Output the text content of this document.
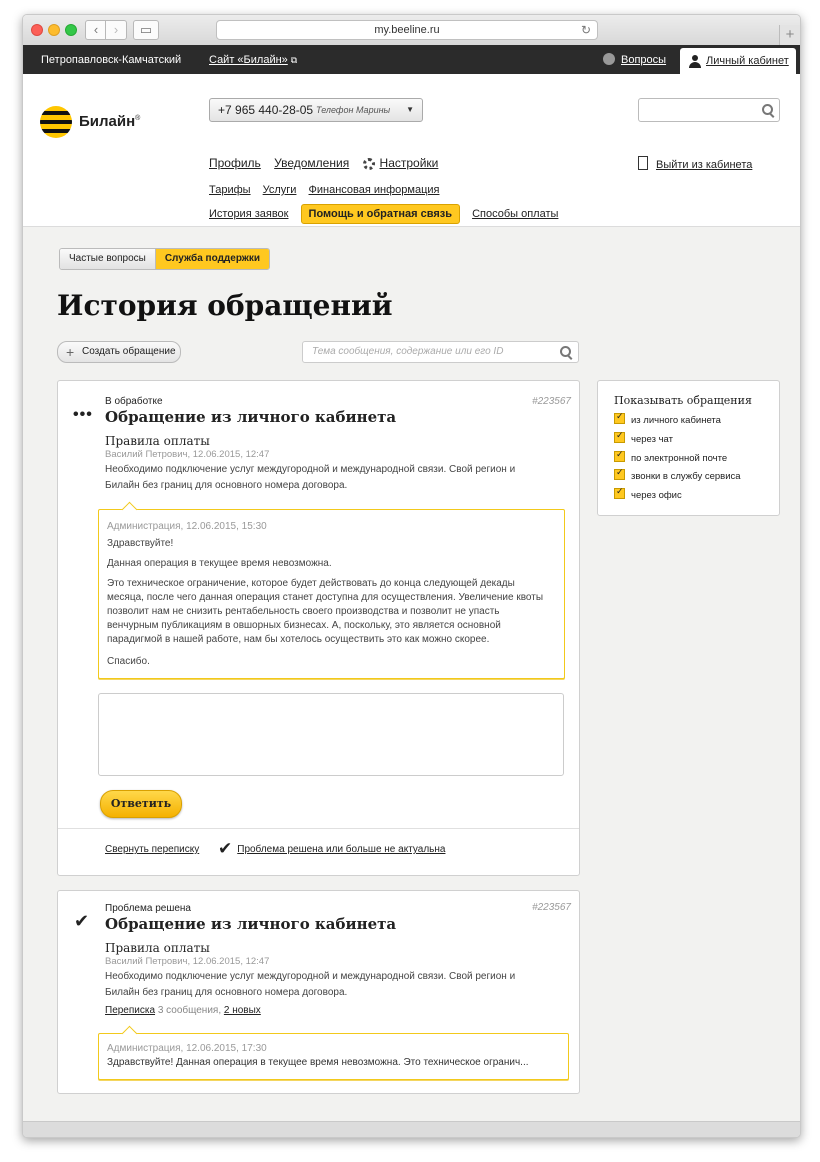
‹	›	▭	my.beeline.ru	↻	+
Петропавловск-Камчатский	Сайт «Билайн» ⧉	Вопросы	Личный кабинет
Билайн®
+7 965 440-28-05 Телефон Марины ▼
Профиль Уведомления	Настройки	Выйти из кабинета
Тарифы Услуги Финансовая информация
История заявок Помощь и обратная связь Способы оплаты
Частые вопросы	Служба поддержки
История обращений
+ Создать обращение	Тема сообщения, содержание или его ID
•••
В обработке	#223567
Обращение из личного кабинета
Правила оплаты
Василий Петрович, 12.06.2015, 12:47
Необходимо подключение услуг междугородной и международной связи. Свой регион и Билайн без границ для основного номера договора.
Администрация, 12.06.2015, 15:30
Здравствуйте!
Данная операция в текущее время невозможна.
Это техническое ограничение, которое будет действовать до конца следующей декады месяца, после чего данная операция станет доступна для осуществления. Увеличение квоты позволит нам не снизить рентабельность своего производства и позволит не упасть венчурным публикациям в овшорных бизнесах. А, поскольку, это является основной парадигмой в нашей работе, нам бы хотелось осуществить это как можно скорее.
Спасибо.
Ответить
Свернуть переписку ✔ Проблема решена или больше не актуальна
✔
Проблема решена	#223567
Обращение из личного кабинета
Правила оплаты
Василий Петрович, 12.06.2015, 12:47
Необходимо подключение услуг междугородной и международной связи. Свой регион и Билайн без границ для основного номера договора.
Переписка 3 сообщения, 2 новых
Администрация, 12.06.2015, 17:30
Здравствуйте! Данная операция в текущее время невозможна. Это техническое огранич...
Показывать обращения
✓из личного кабинета
✓через чат
✓по электронной почте
✓звонки в службу сервиса
✓через офис
